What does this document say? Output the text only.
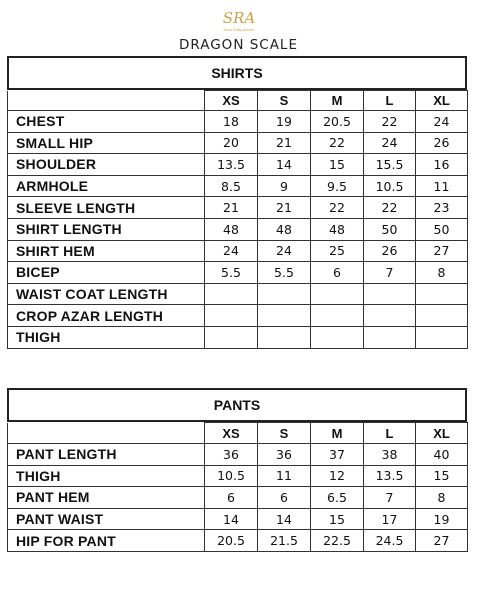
SRA
Sana Rafiq Atelier
DRAGON SCALE
SHIRTS
	XS	S	M	L	XL
CHEST	18	19	20.5	22	24
SMALL HIP	20	21	22	24	26
SHOULDER	13.5	14	15	15.5	16
ARMHOLE	8.5	9	9.5	10.5	11
SLEEVE LENGTH	21	21	22	22	23
SHIRT LENGTH	48	48	48	50	50
SHIRT HEM	24	24	25	26	27
BICEP	5.5	5.5	6	7	8
WAIST COAT LENGTH					
CROP AZAR LENGTH					
THIGH					
PANTS
	XS	S	M	L	XL
PANT LENGTH	36	36	37	38	40
THIGH	10.5	11	12	13.5	15
PANT HEM	6	6	6.5	7	8
PANT WAIST	14	14	15	17	19
HIP FOR PANT	20.5	21.5	22.5	24.5	27
